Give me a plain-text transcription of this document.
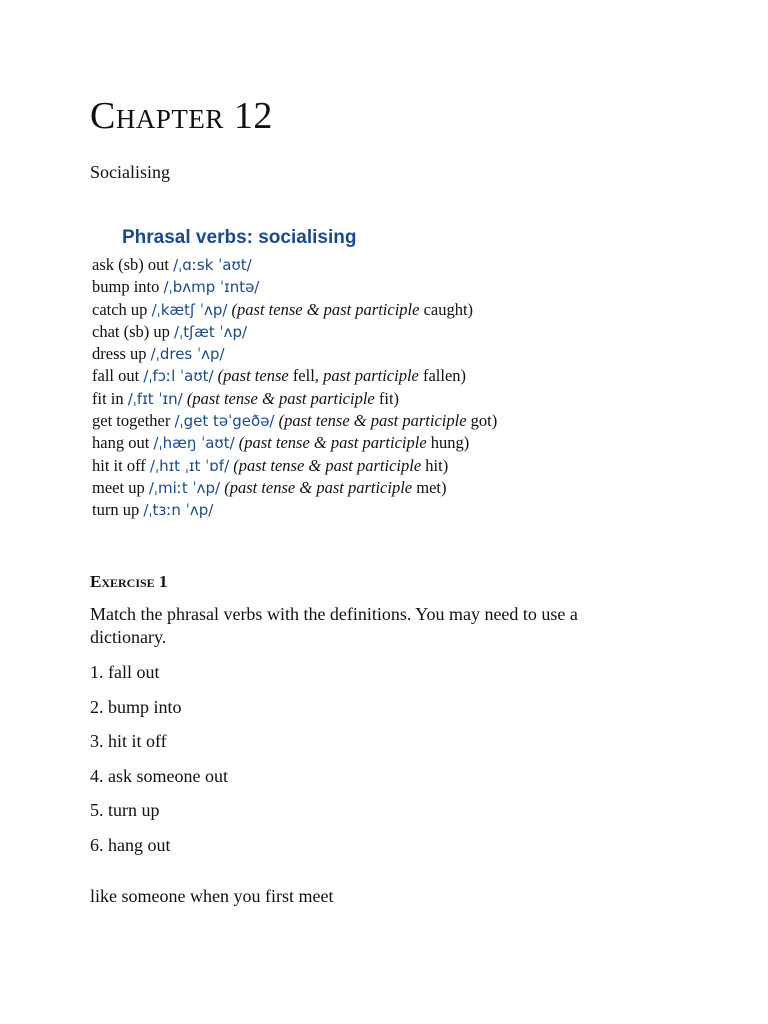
Chapter 12

Socialising

Phrasal verbs: socialising
ask (sb) out /ˌɑːsk ˈaʊt/
bump into /ˌbʌmp ˈɪntə/
catch up /ˌkætʃ ˈʌp/ (past tense & past participle caught)
chat (sb) up /ˌtʃæt ˈʌp/
dress up /ˌdres ˈʌp/
fall out /ˌfɔːl ˈaʊt/ (past tense fell, past participle fallen)
fit in /ˌfɪt ˈɪn/ (past tense & past participle fit)
get together /ˌget təˈgeðə/ (past tense & past participle got)
hang out /ˌhæŋ ˈaʊt/ (past tense & past participle hung)
hit it off /ˌhɪt ˌɪt ˈɒf/ (past tense & past participle hit)
meet up /ˌmiːt ˈʌp/ (past tense & past participle met)
turn up /ˌtɜːn ˈʌp/
Exercise 1

Match the phrasal verbs with the definitions. You may need to use a dictionary.

1. fall out
2. bump into
3. hit it off
4. ask someone out
5. turn up
6. hang out

like someone when you first meet
